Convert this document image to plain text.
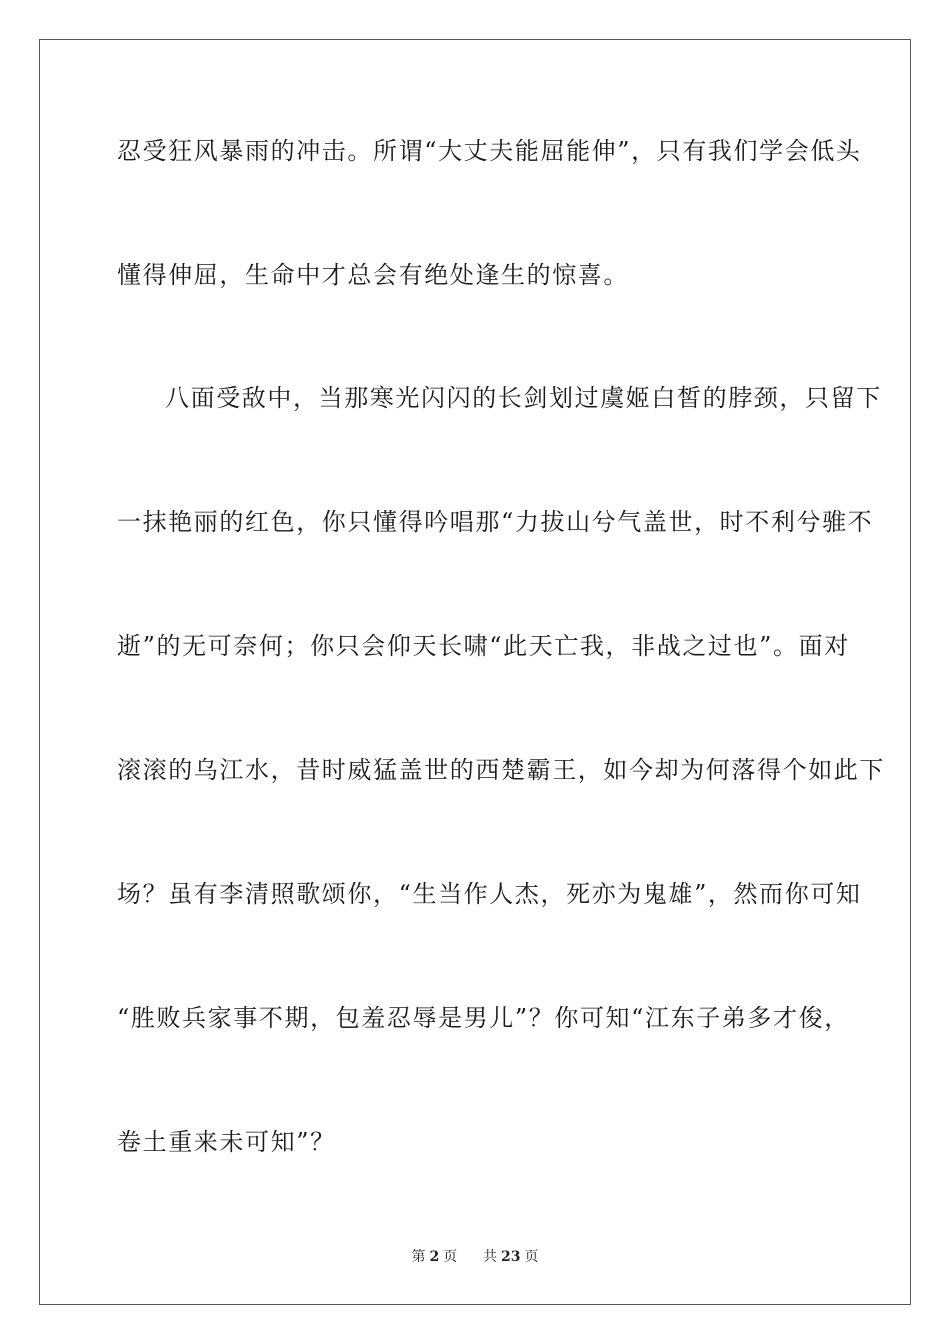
忍受狂风暴雨的冲击。所谓“大丈夫能屈能伸”，只有我们学会低头
懂得伸屈，生命中才总会有绝处逢生的惊喜。
八面受敌中，当那寒光闪闪的长剑划过虞姬白皙的脖颈，只留下
一抹艳丽的红色，你只懂得吟唱那“力拔山兮气盖世，时不利兮骓不
逝”的无可奈何；你只会仰天长啸“此天亡我，非战之过也”。面对
滚滚的乌江水，昔时威猛盖世的西楚霸王，如今却为何落得个如此下
场？虽有李清照歌颂你，“生当作人杰，死亦为鬼雄”，然而你可知
“胜败兵家事不期，包羞忍辱是男儿”？你可知“江东子弟多才俊，
卷土重来未可知”？
第 2 页 共 23 页
